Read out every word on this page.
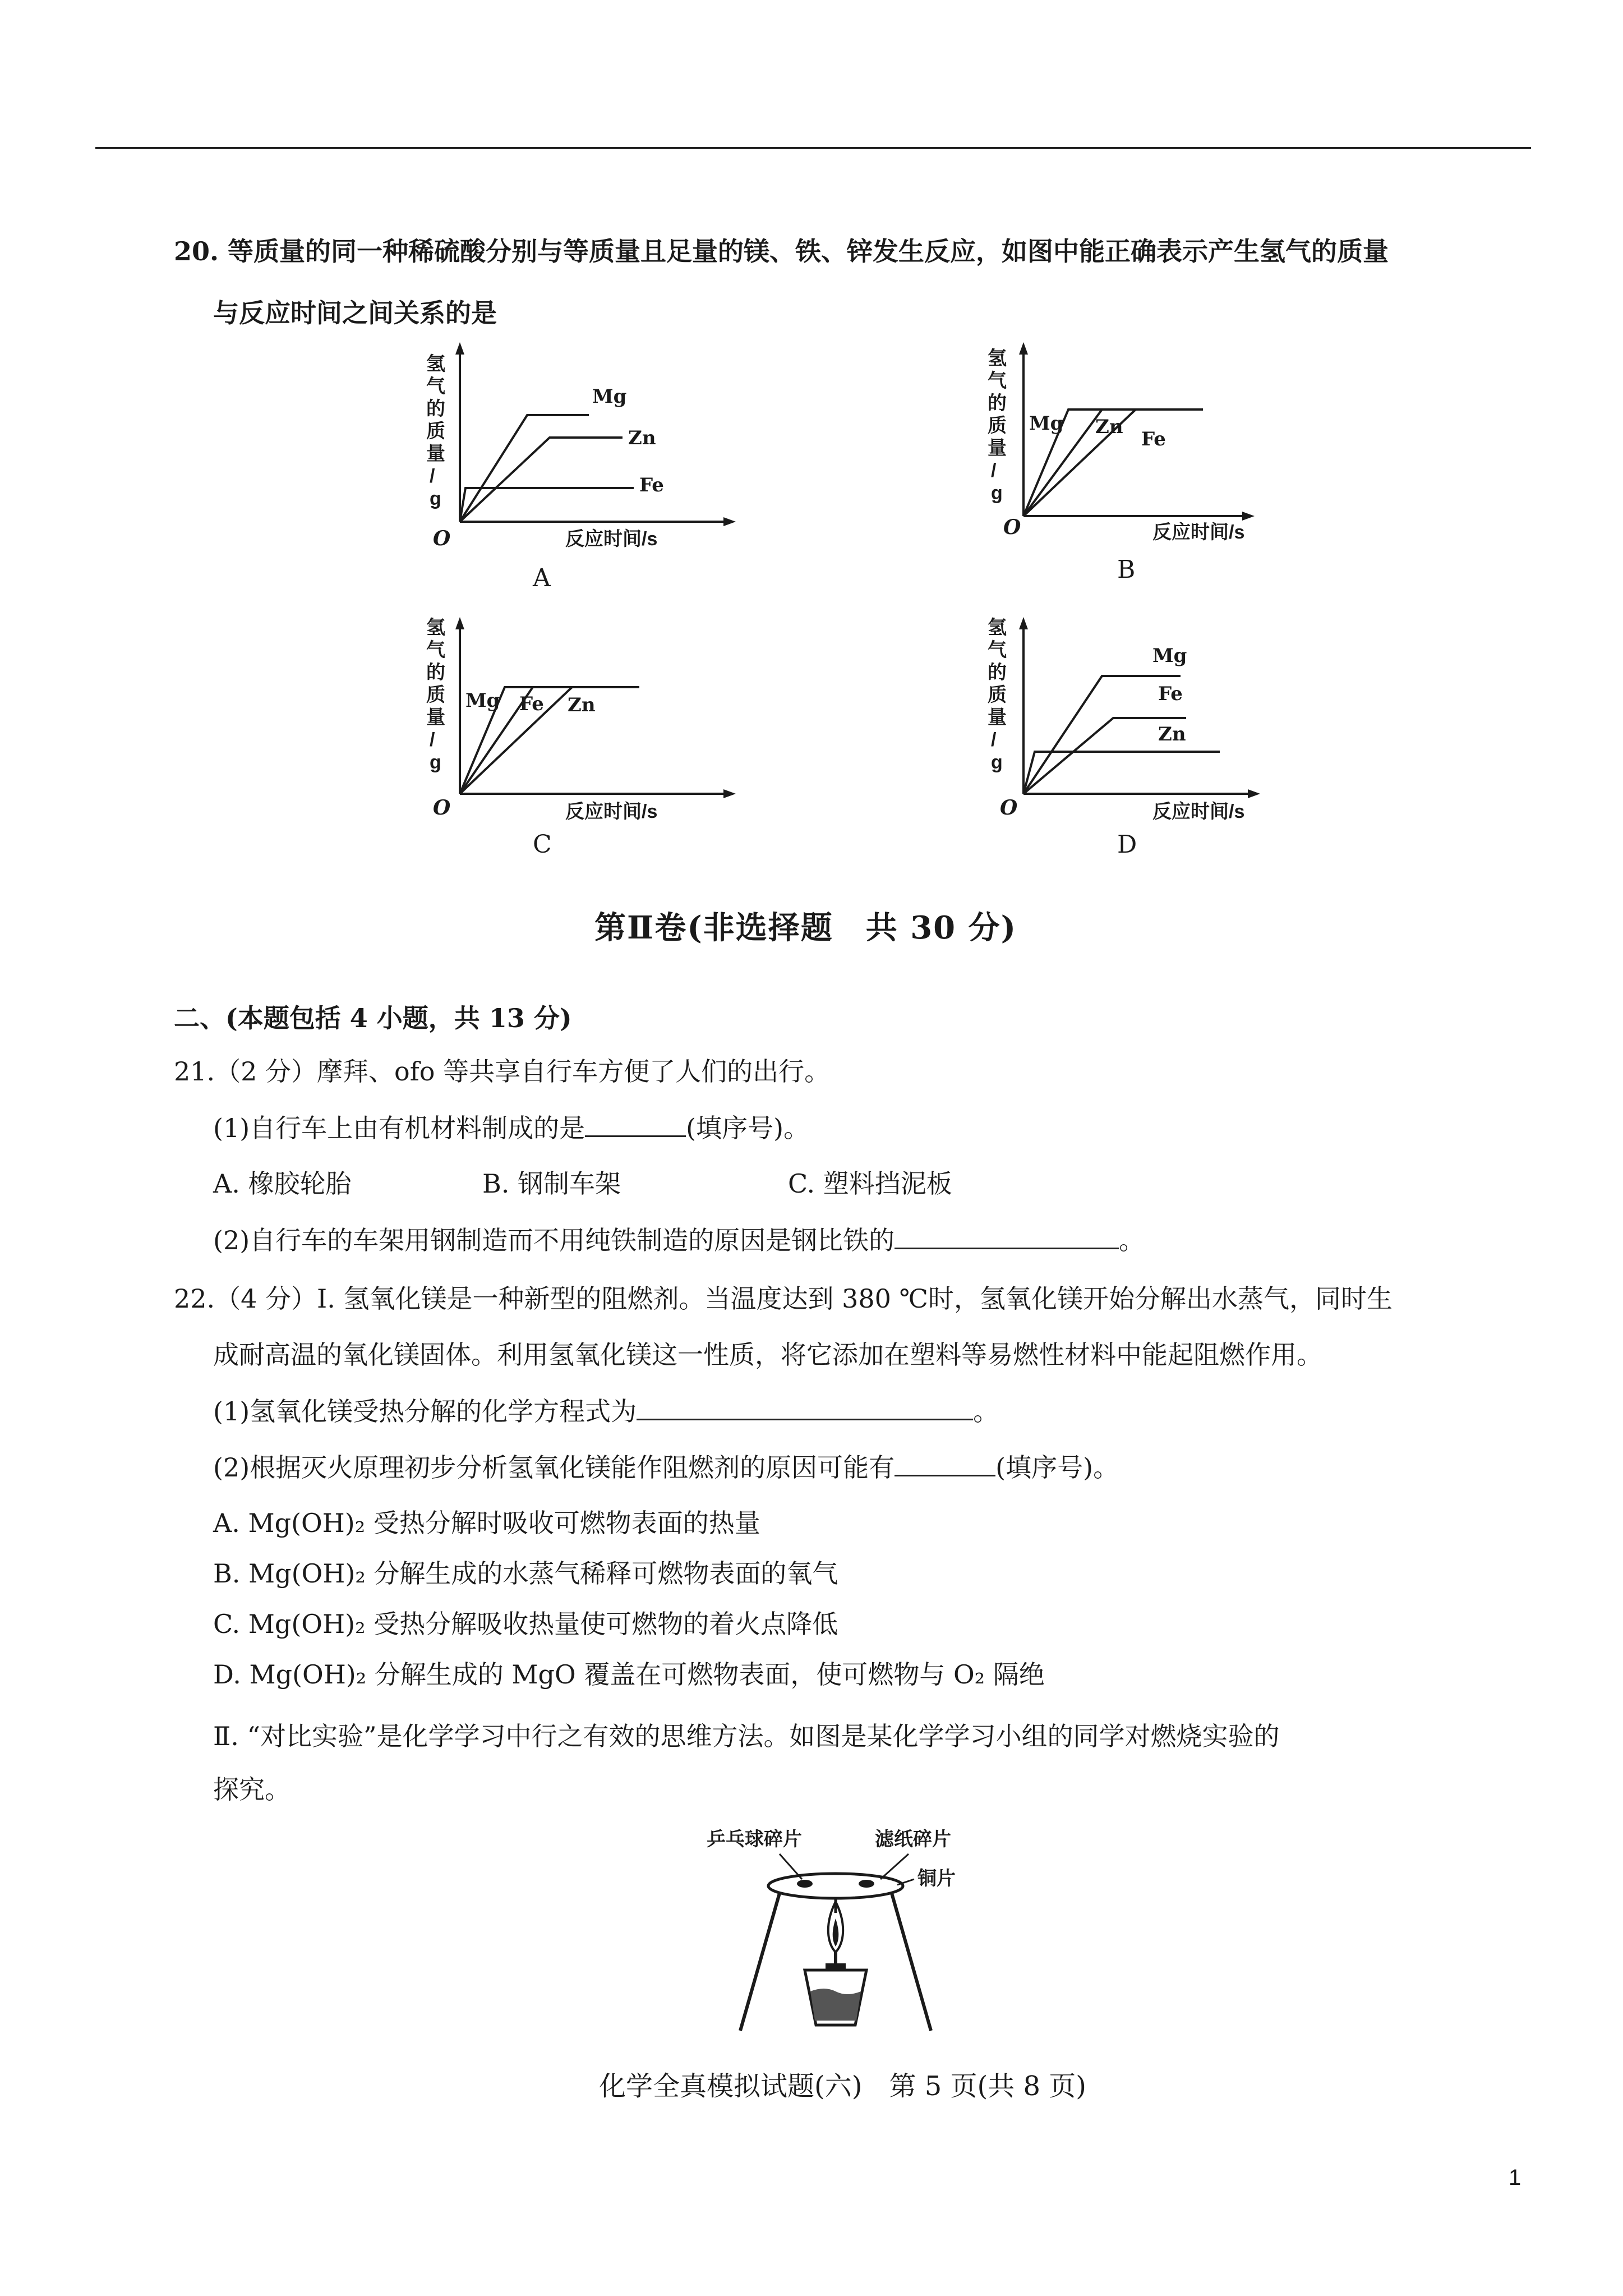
20. 等质量的同一种稀硫酸分别与等质量且足量的镁、铁、锌发生反应，如图中能正确表示产生氢气的质量
与反应时间之间关系的是
氢
气
的
质
量
/
g
O	反应时间/s
Mg
Zn
Fe
A
氢
气
的
质
量
/
g
O	反应时间/s
Mg Zn
Fe
B
氢
气
的
质
量
/
g
O	反应时间/s
Mg Fe Zn
C
氢
气
的
质
量
/
g
O	反应时间/s
Mg
Fe
Zn
D
第Ⅱ卷(非选择题　共 30 分)
二、(本题包括 4 小题，共 13 分)
21.（2 分）摩拜、ofo 等共享自行车方便了人们的出行。
(1)自行车上由有机材料制成的是	(填序号)。
A. 橡胶轮胎	B. 钢制车架	C. 塑料挡泥板
(2)自行车的车架用钢制造而不用纯铁制造的原因是钢比铁的	。
22.（4 分）Ⅰ. 氢氧化镁是一种新型的阻燃剂。当温度达到 380 ℃时，氢氧化镁开始分解出水蒸气，同时生
成耐高温的氧化镁固体。利用氢氧化镁这一性质，将它添加在塑料等易燃性材料中能起阻燃作用。
(1)氢氧化镁受热分解的化学方程式为	。
(2)根据灭火原理初步分析氢氧化镁能作阻燃剂的原因可能有	(填序号)。
A. Mg(OH)₂ 受热分解时吸收可燃物表面的热量
B. Mg(OH)₂ 分解生成的水蒸气稀释可燃物表面的氧气
C. Mg(OH)₂ 受热分解吸收热量使可燃物的着火点降低
D. Mg(OH)₂ 分解生成的 MgO 覆盖在可燃物表面，使可燃物与 O₂ 隔绝
Ⅱ. “对比实验”是化学学习中行之有效的思维方法。如图是某化学学习小组的同学对燃烧实验的
探究。
乒乓球碎片	滤纸碎片
铜片
化学全真模拟试题(六)　第 5 页(共 8 页)
1
